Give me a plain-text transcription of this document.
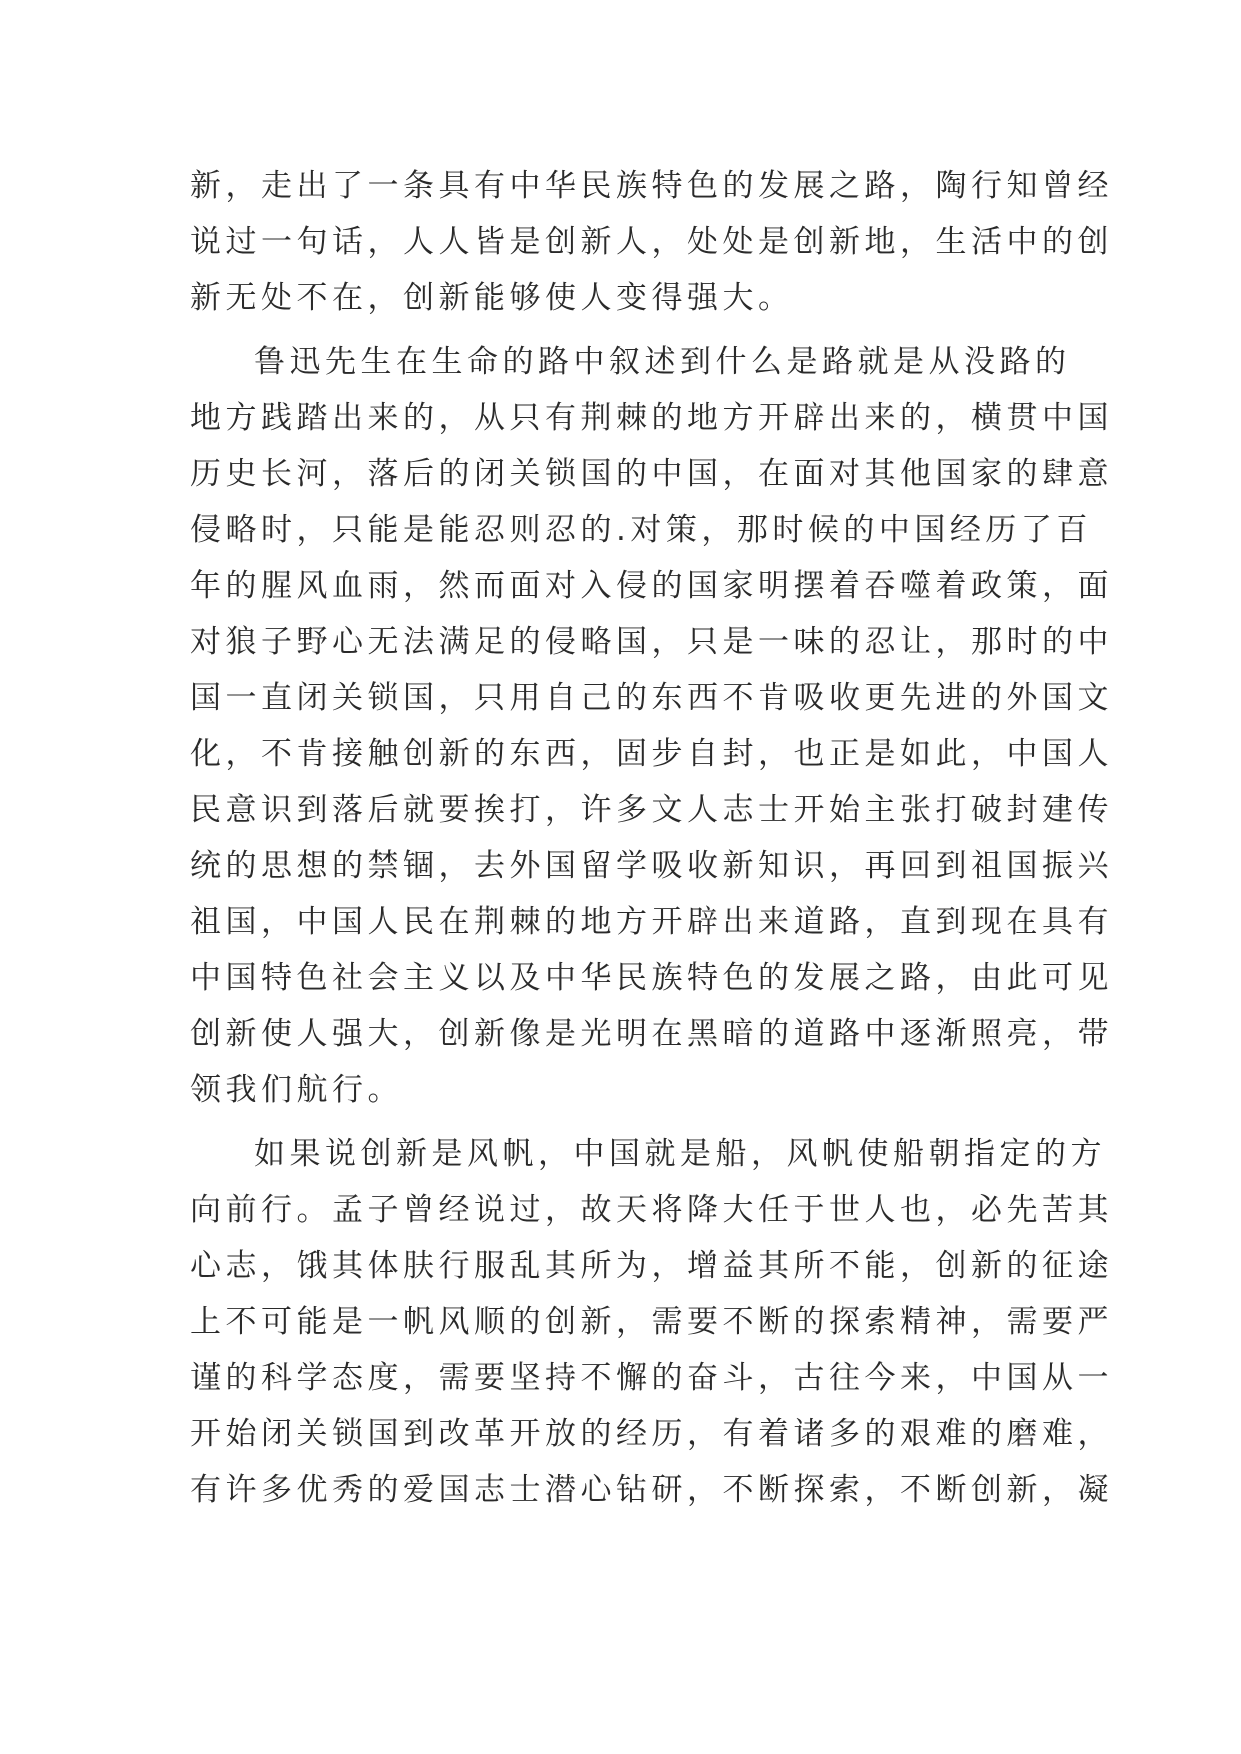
新，走出了一条具有中华民族特色的发展之路，陶行知曾经
说过一句话，人人皆是创新人，处处是创新地，生活中的创
新无处不在，创新能够使人变得强大。
鲁迅先生在生命的路中叙述到什么是路就是从没路的
地方践踏出来的，从只有荆棘的地方开辟出来的，横贯中国
历史长河，落后的闭关锁国的中国，在面对其他国家的肆意
侵略时，只能是能忍则忍的.对策，那时候的中国经历了百
年的腥风血雨，然而面对入侵的国家明摆着吞噬着政策，面
对狼子野心无法满足的侵略国，只是一味的忍让，那时的中
国一直闭关锁国，只用自己的东西不肯吸收更先进的外国文
化，不肯接触创新的东西，固步自封，也正是如此，中国人
民意识到落后就要挨打，许多文人志士开始主张打破封建传
统的思想的禁锢，去外国留学吸收新知识，再回到祖国振兴
祖国，中国人民在荆棘的地方开辟出来道路，直到现在具有
中国特色社会主义以及中华民族特色的发展之路，由此可见
创新使人强大，创新像是光明在黑暗的道路中逐渐照亮，带
领我们航行。
如果说创新是风帆，中国就是船，风帆使船朝指定的方
向前行。孟子曾经说过，故天将降大任于世人也，必先苦其
心志，饿其体肤行服乱其所为，增益其所不能，创新的征途
上不可能是一帆风顺的创新，需要不断的探索精神，需要严
谨的科学态度，需要坚持不懈的奋斗，古往今来，中国从一
开始闭关锁国到改革开放的经历，有着诸多的艰难的磨难，
有许多优秀的爱国志士潜心钻研，不断探索，不断创新，凝
